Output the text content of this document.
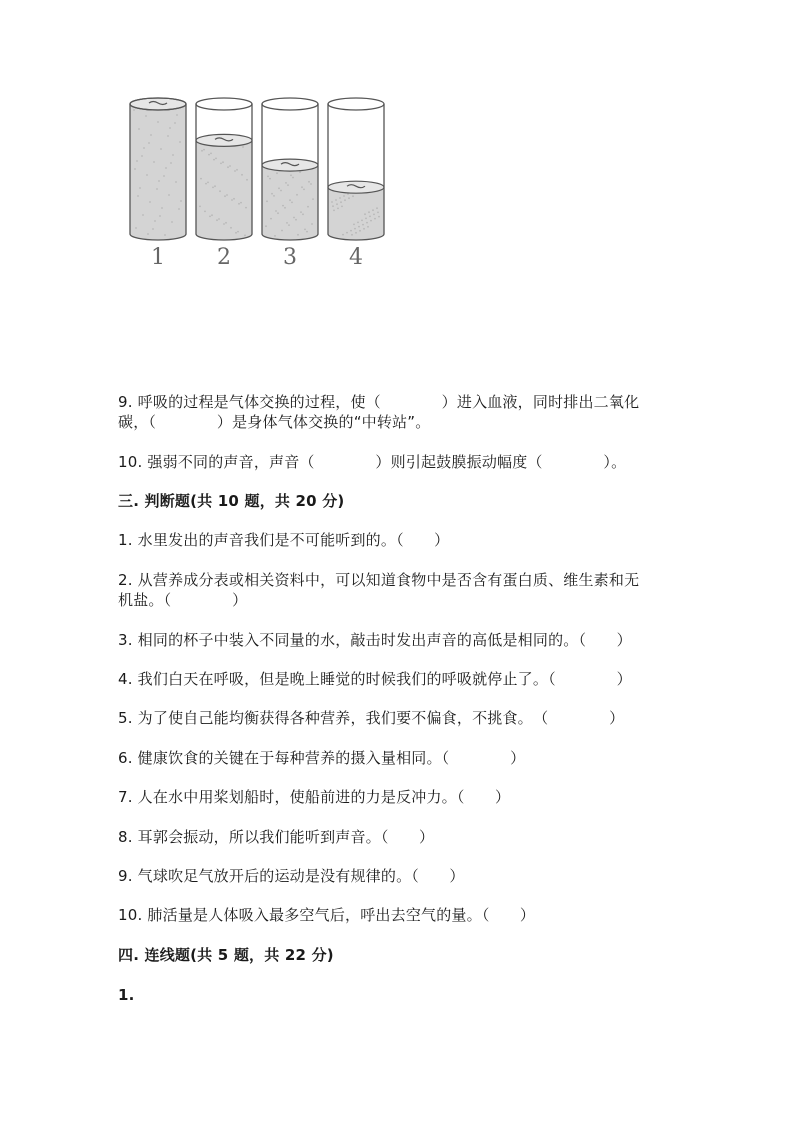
1 2 3 4
9. 呼吸的过程是气体交换的过程，使（　　　　）进入血液，同时排出二氧化
碳，（　　　　）是身体气体交换的“中转站”。
10. 强弱不同的声音，声音（　　　　）则引起鼓膜振动幅度（　　　　）。
三. 判断题(共 10 题，共 20 分)
1. 水里发出的声音我们是不可能听到的。（　　）
2. 从营养成分表或相关资料中，可以知道食物中是否含有蛋白质、维生素和无
机盐。（　　　　）
3. 相同的杯子中装入不同量的水，敲击时发出声音的高低是相同的。（　　）
4. 我们白天在呼吸，但是晚上睡觉的时候我们的呼吸就停止了。（　　　　）
5. 为了使自己能均衡获得各种营养，我们要不偏食，不挑食。　（　　　　）
6. 健康饮食的关键在于每种营养的摄入量相同。（　　　　）
7. 人在水中用桨划船时，使船前进的力是反冲力。（　　）
8. 耳郭会振动，所以我们能听到声音。（　　）
9. 气球吹足气放开后的运动是没有规律的。（　　）
10. 肺活量是人体吸入最多空气后，呼出去空气的量。（　　）
四. 连线题(共 5 题，共 22 分)
1.
